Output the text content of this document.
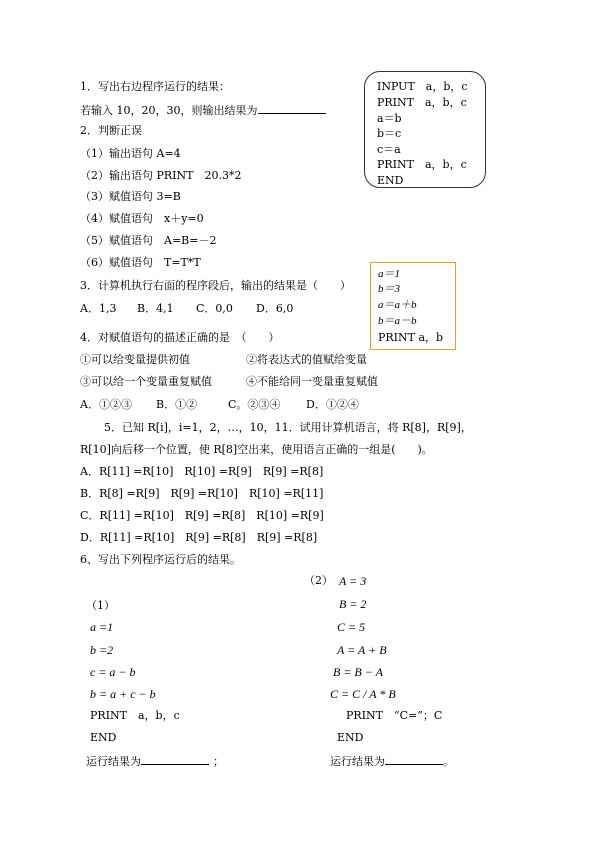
1．写出右边程序运行的结果：
若输入 10，20，30，则输出结果为
INPUT　a，b，c
PRINT　a，b，c
a＝b
b＝c
c＝a
PRINT　a，b，c
END
2．判断正误
（1）输出语句 A=4
（2）输出语句 PRINT　20.3*2
（3）赋值语句 3=B
（4）赋值语句　x＋y=0
（5）赋值语句　A=B=－2
（6）赋值语句　T=T*T
3．计算机执行右面的程序段后，输出的结果是（　　）
A．1,3 B．4,1 C．0,0 D．6,0
a＝1
b＝3
a＝a＋b
b＝a－b
PRINT a，b
4．对赋值语句的描述正确的是　（　　）
①可以给变量提供初值	②将表达式的值赋给变量
③可以给一个变量重复赋值	④不能给同一变量重复赋值
A．①②③ B．①②	C。②③④ D．①②④
5．已知 R[i]，i=1，2，…，10，11．试用计算机语言，将 R[8]，R[9]，
R[10]向后移一个位置，使 R[8]空出来，使用语言正确的一组是(　　)。
A．R[11] =R[10]　R[10] =R[9]　R[9] =R[8]
B．R[8] =R[9]　R[9] =R[10]　R[10] =R[11]
C．R[11] =R[10]　R[9] =R[8]　R[10] =R[9]
D．R[11] =R[10]　R[9] =R[8]　R[9] =R[8]
6、写出下列程序运行后的结果。
（1）
a =1
b =2
c = a − b
b = a + c − b
PRINT　a，b，c
END
运行结果为	；
（2） A = 3
B = 2
C = 5
A = A + B
B = B − A
C = C / A * B
PRINT　“C=”；C
END
运行结果为	。
